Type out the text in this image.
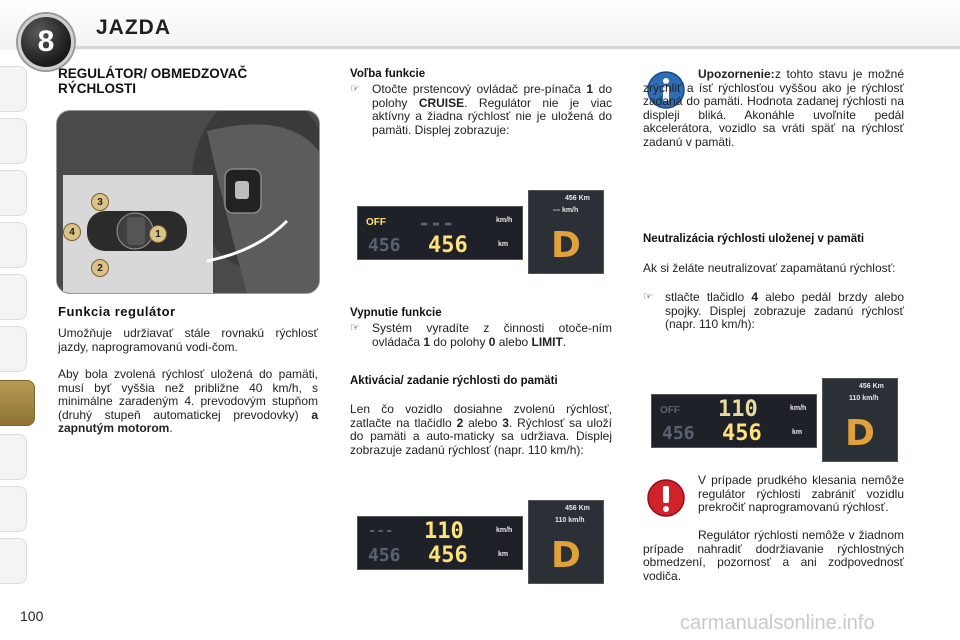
8	JAZDA
REGULÁTOR/ OBMEDZOVAČ RÝCHLOSTI
3
4	1
2
Funkcia regulátor
Umožňuje udržiavať stále rovnakú rýchlosť jazdy, naprogramovanú vodi-čom.
Aby bola zvolená rýchlosť uložená do pamäti, musí byť vyššia než približne 40 km/h, s minimálne zaradeným 4. prevodovým stupňom (druhý stupeň automatickej prevodovky) a zapnutým motorom.
Voľba funkcie
☞ Otočte prstencový ovládač pre-pínača 1 do polohy CRUISE. Regulátor nie je viac aktívny a žiadna rýchlosť nie je uložená do pamäti. Displej zobrazuje:
OFF ---
456 456
km/h
km
456 Km
--- km/h
D
Vypnutie funkcie
☞ Systém vyradíte z činnosti otoče-ním ovládača 1 do polohy 0 alebo LIMIT.
Aktivácia/ zadanie rýchlosti do pamäti
Len čo vozidlo dosiahne zvolenú rýchlosť, zatlačte na tlačidlo 2 alebo 3. Rýchlosť sa uloží do pamäti a auto-maticky sa udržiava. Displej zobrazuje zadanú rýchlosť (napr. 110 km/h):
--- 110
456 456
km/h
km
456 Km
110 km/h
D
Upozornenie:
z tohto stavu je možné zrýchliť a ísť rýchlosťou vyššou ako je rýchlosť zadaná do pamäti. Hodnota zadanej rýchlosti na displeji bliká. Akonáhle uvoľníte pedál akcelerátora, vozidlo sa vráti späť na rýchlosť zadanú v pamäti.
Neutralizácia rýchlosti uloženej v pamäti
Ak si želáte neutralizovať zapamätanú rýchlosť:
☞ stlačte tlačidlo 4 alebo pedál brzdy alebo spojky. Displej zobrazuje zadanú rýchlosť (napr. 110 km/h):
OFF 110
456 456
km/h
km
456 Km
110 km/h
D
V prípade prudkého klesania nemôže regulátor rýchlosti zabrániť vozidlu prekročiť naprogramovanú rýchlosť.
Regulátor rýchlosti nemôže v žiadnom prípade nahradiť dodržiavanie rýchlostných obmedzení, pozornosť a ani zodpovednosť vodiča.
100	carmanualsonline.info
